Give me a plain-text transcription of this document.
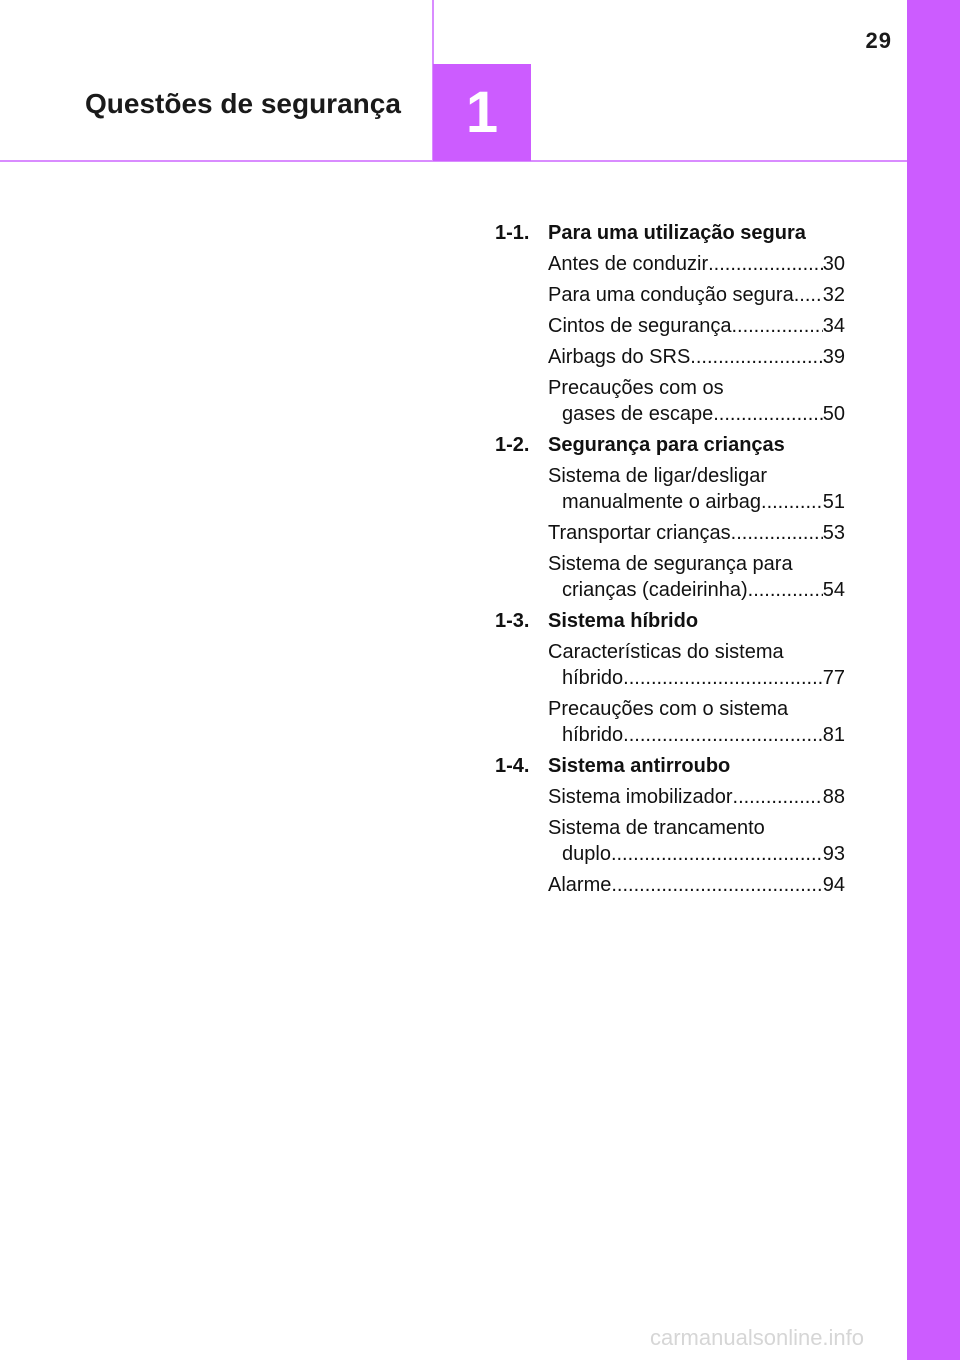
Questões de segurança	1
29
1-1. Para uma utilização segura
Antes de conduzir .....	30
Para uma condução segura ..... 32
Cintos de segurança .....	34
Airbags do SRS .....	39
Precauções com os
gases de escape .....	50
1-2. Segurança para crianças
Sistema de ligar/desligar
manualmente o airbag .....	51
Transportar crianças .....	53
Sistema de segurança para
crianças (cadeirinha) .....	54
1-3. Sistema híbrido
Características do sistema
híbrido .....	77
Precauções com o sistema
híbrido .....	81
1-4. Sistema antirroubo
Sistema imobilizador .....	88
Sistema de trancamento
duplo .....	93
Alarme .....	94
carmanualsonline.info
